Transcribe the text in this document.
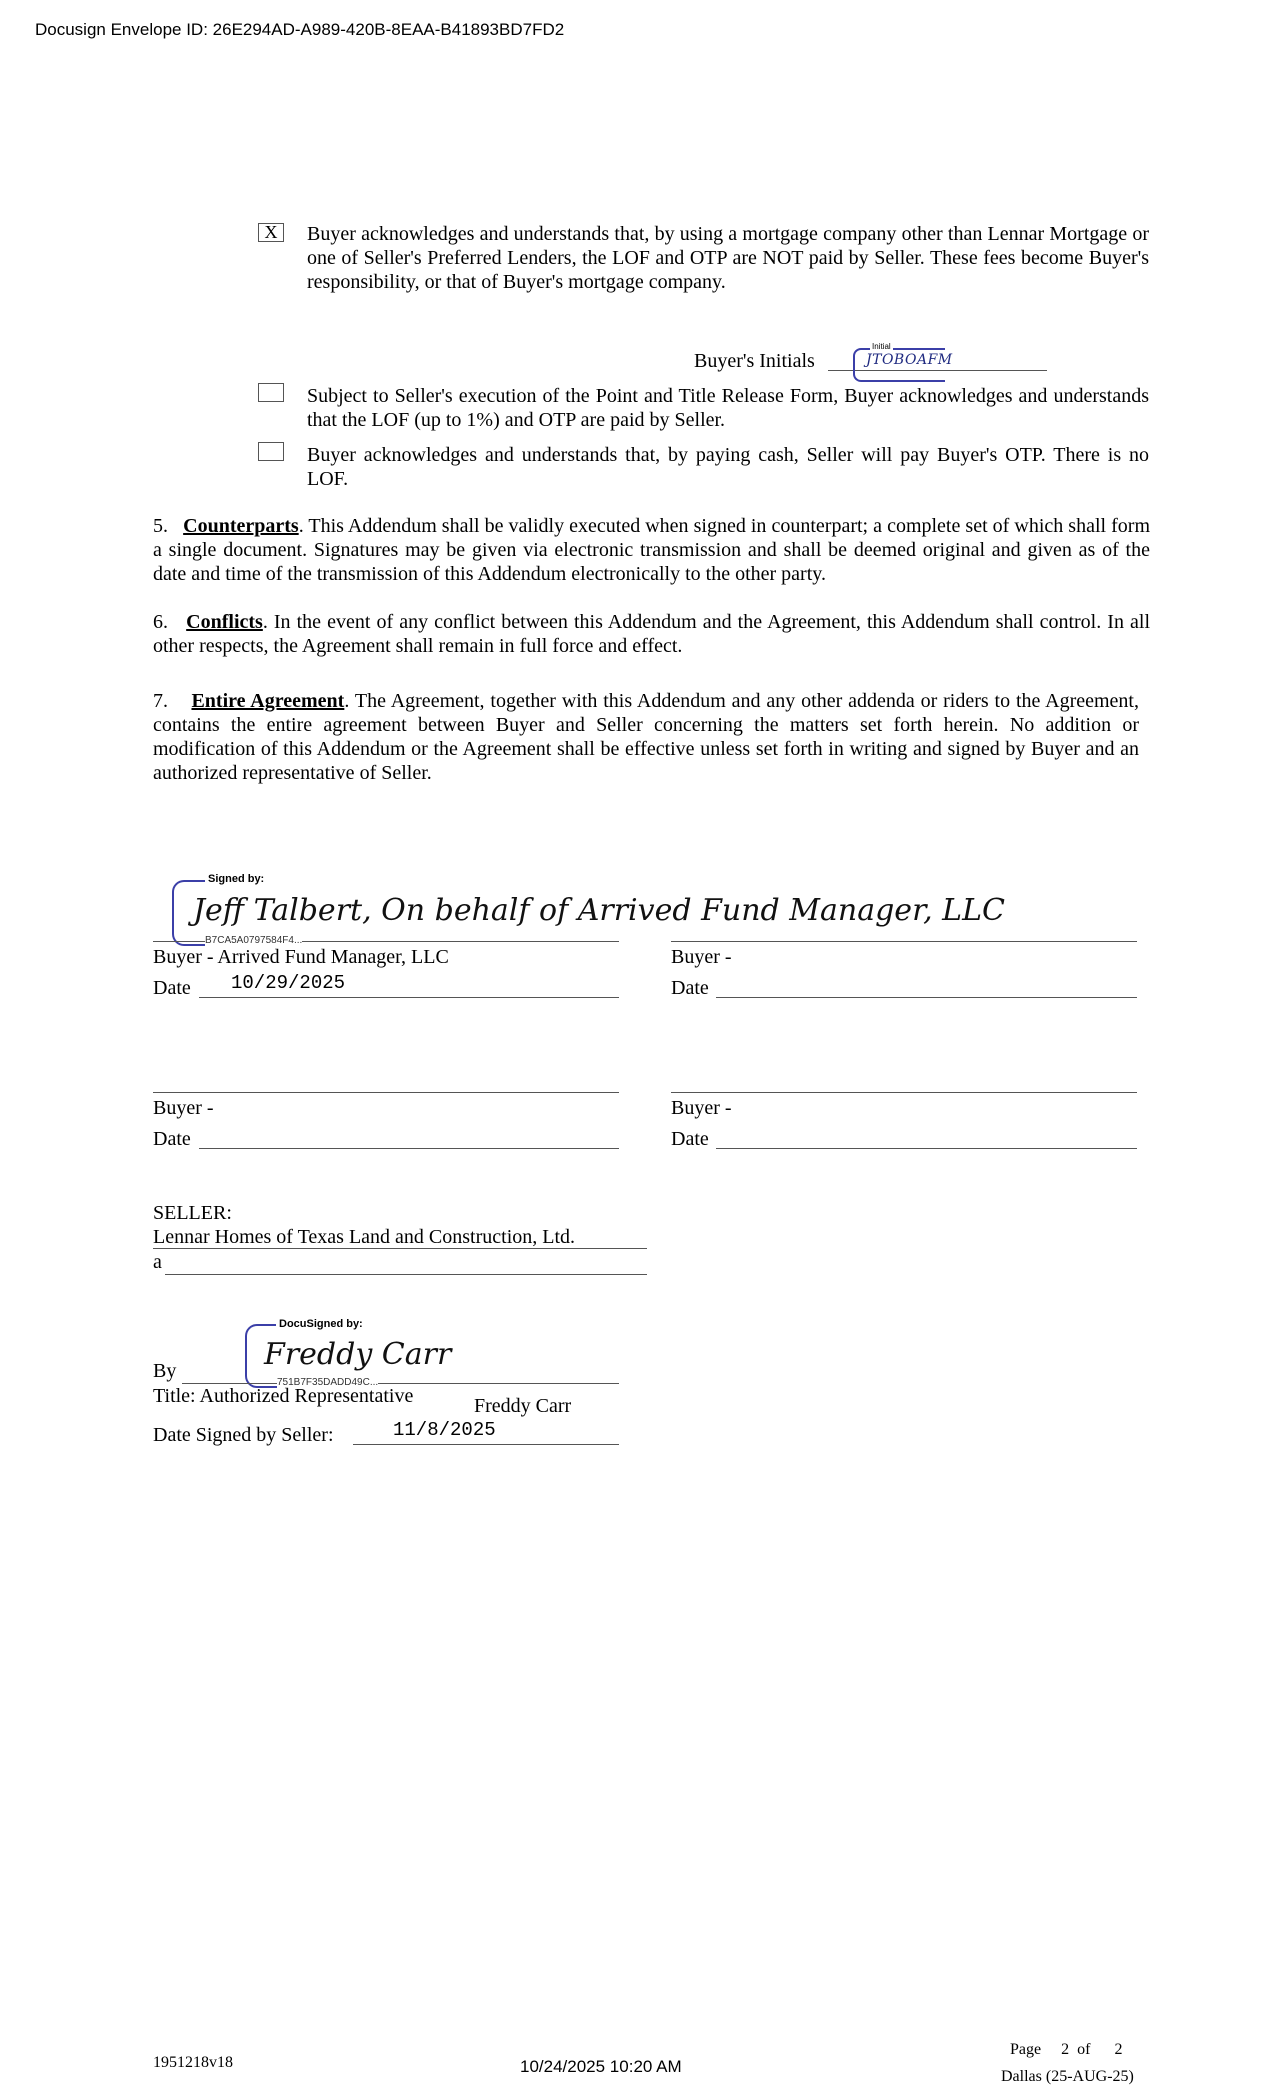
Docusign Envelope ID: 26E294AD-A989-420B-8EAA-B41893BD7FD2
X	Buyer acknowledges and understands that, by using a mortgage company other than Lennar Mortgage or one of Seller's Preferred Lenders, the LOF and OTP are NOT paid by Seller. These fees become Buyer's responsibility, or that of Buyer's mortgage company.
Buyer's Initials
Initial
JTOBOAFM
Subject to Seller's execution of the Point and Title Release Form, Buyer acknowledges and understands that the LOF (up to 1%) and OTP are paid by Seller.
Buyer acknowledges and understands that, by paying cash, Seller will pay Buyer's OTP. There is no LOF.
5. Counterparts. This Addendum shall be validly executed when signed in counterpart; a complete set of which shall form a single document. Signatures may be given via electronic transmission and shall be deemed original and given as of the date and time of the transmission of this Addendum electronically to the other party.
6. Conflicts. In the event of any conflict between this Addendum and the Agreement, this Addendum shall control. In all other respects, the Agreement shall remain in full force and effect.
7. Entire Agreement. The Agreement, together with this Addendum and any other addenda or riders to the Agreement, contains the entire agreement between Buyer and Seller concerning the matters set forth herein. No addition or modification of this Addendum or the Agreement shall be effective unless set forth in writing and signed by Buyer and an authorized representative of Seller.
Signed by:
Jeff Talbert, On behalf of Arrived Fund Manager, LLC
B7CA5A0797584F4...
Buyer - Arrived Fund Manager, LLC
Date 10/29/2025
Buyer -
Date
Buyer -
Date
Buyer -
Date
SELLER:
Lennar Homes of Texas Land and Construction, Ltd.
a
DocuSigned by:
Freddy Carr
By
751B7F35DADD49C...
Title: Authorized Representative	Freddy Carr
Date Signed by Seller:	11/8/2025
1951218v18	10/24/2025 10:20 AM
Page 2 of 2
Dallas (25-AUG-25)
